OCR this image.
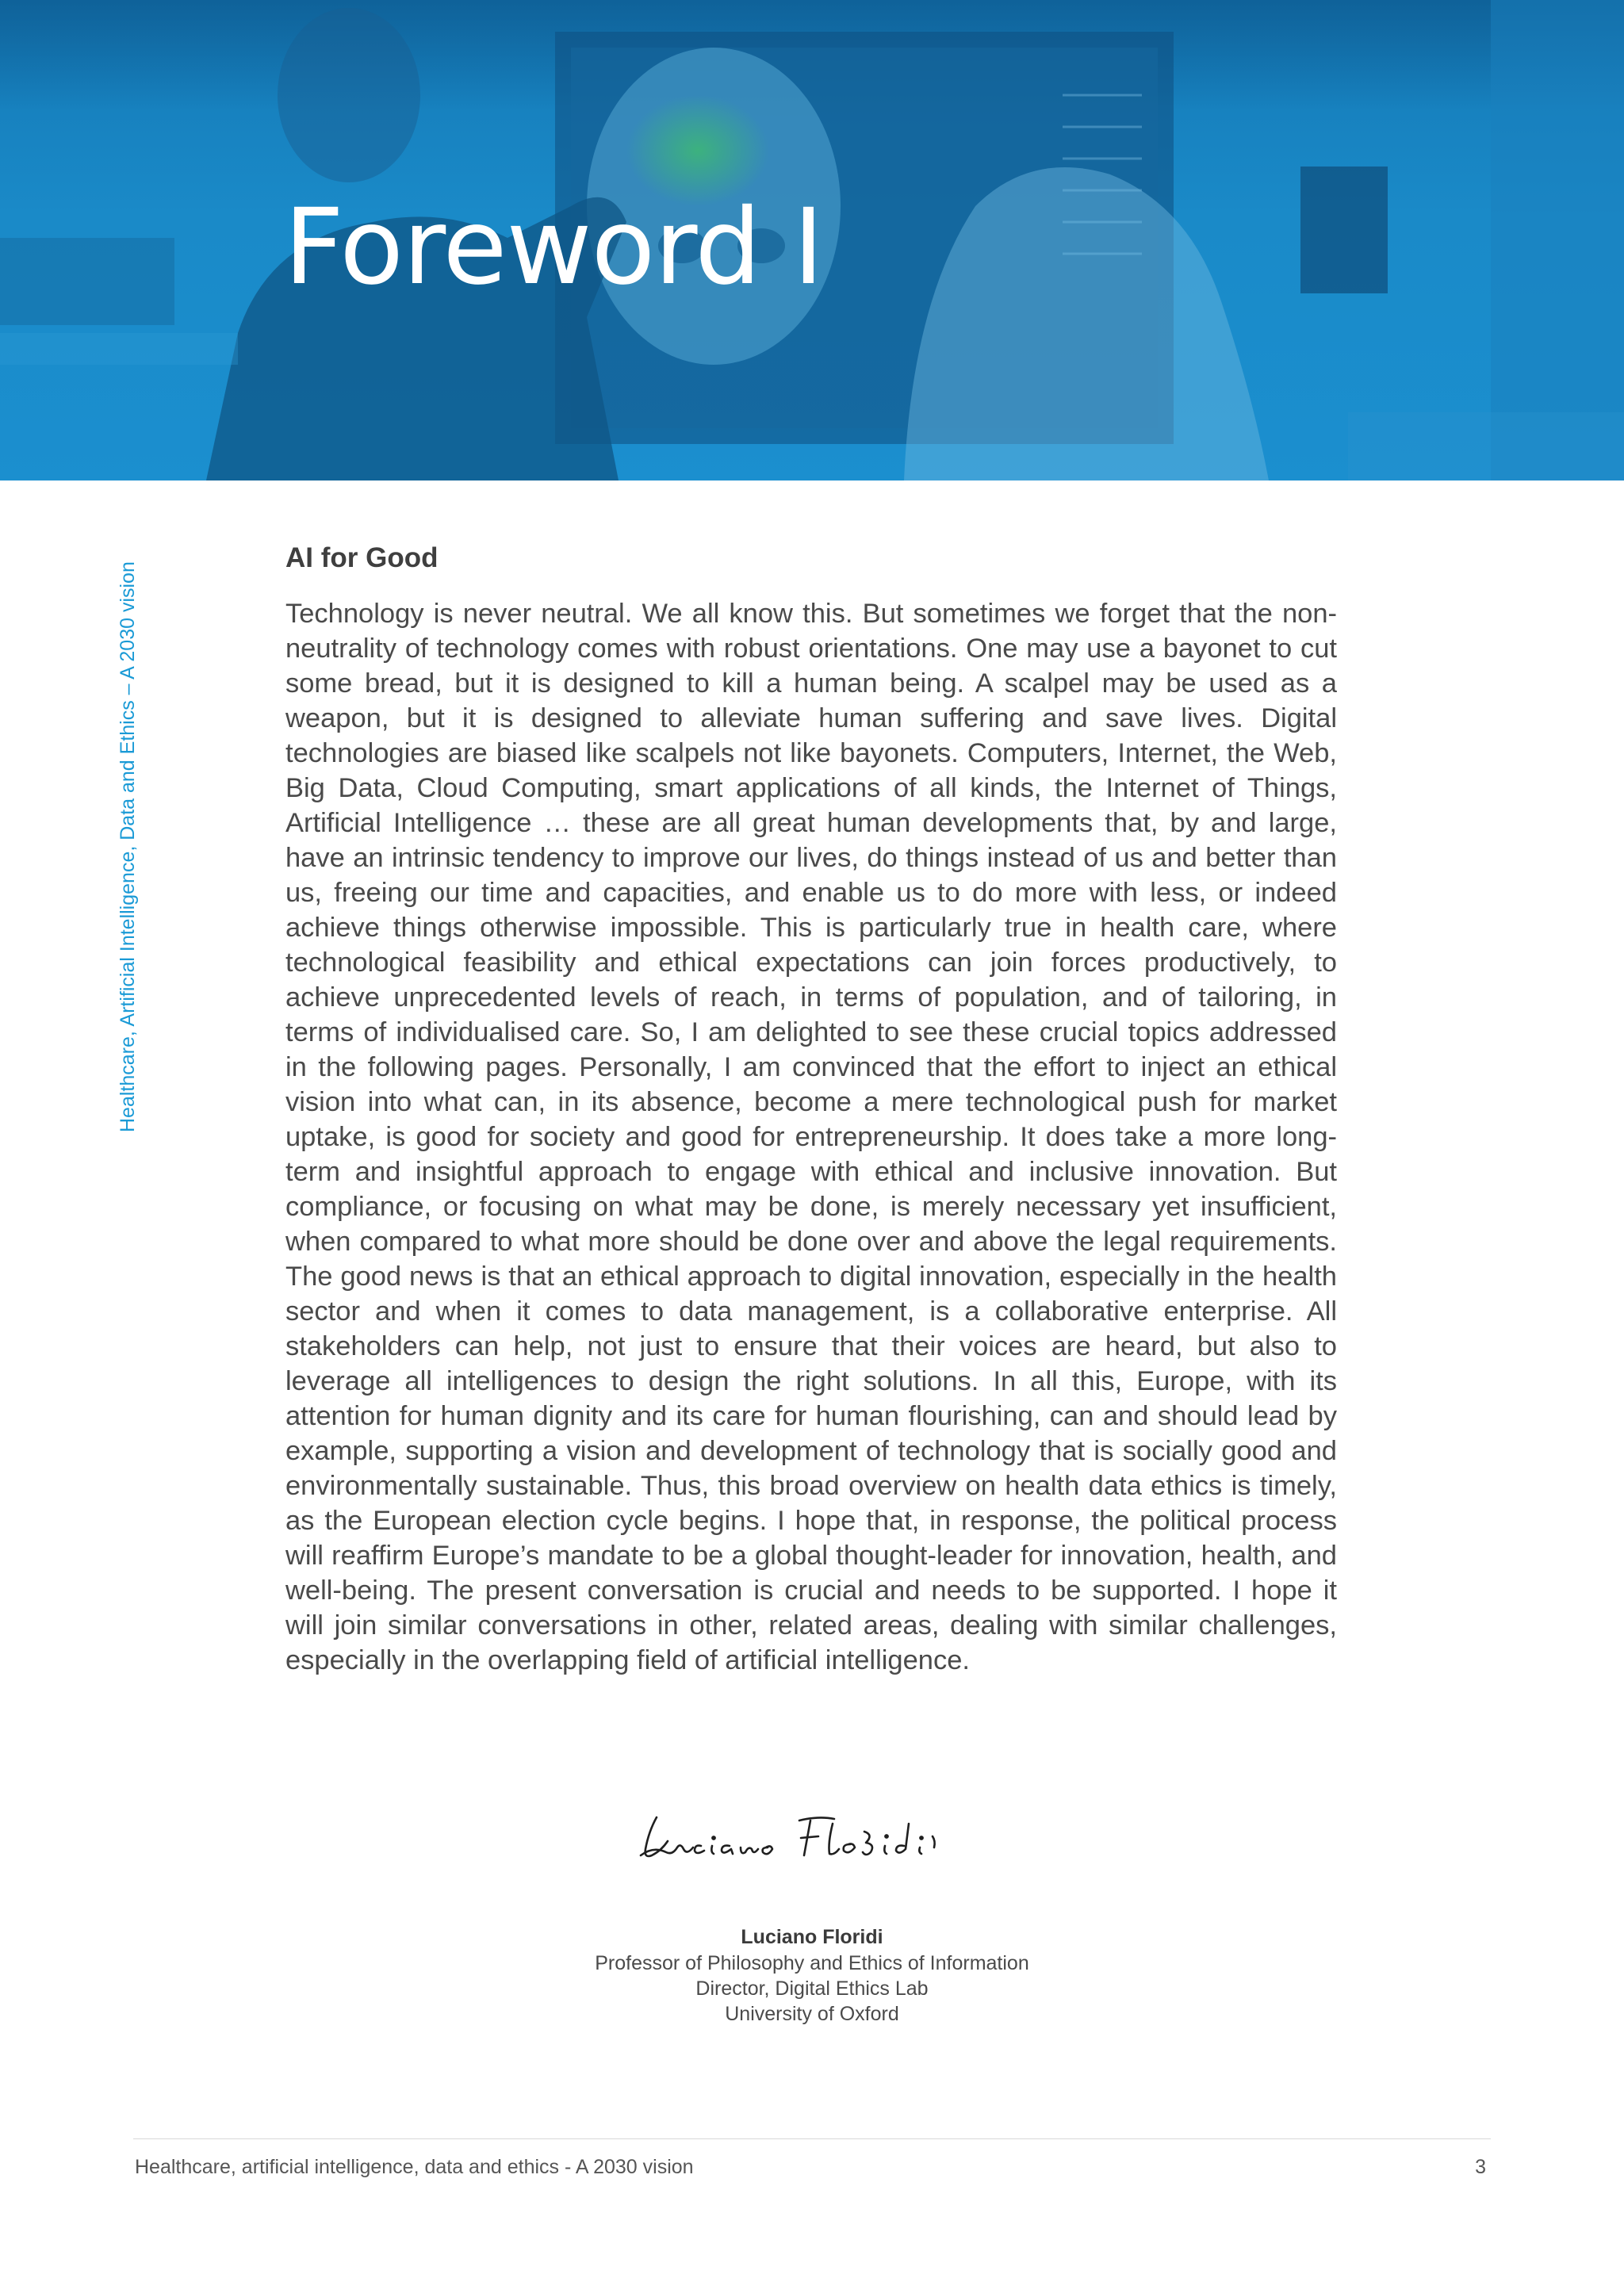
Foreword I

Healthcare, Artificial Intelligence, Data and Ethics – A 2030 vision

AI for Good

Technology is never neutral. We all know this. But sometimes we forget that the non-neutrality of technology comes with robust orientations. One may use a bayonet to cut some bread, but it is designed to kill a human being. A scalpel may be used as a weapon, but it is designed to alleviate human suffering and save lives. Digital technologies are biased like scalpels not like bayonets. Computers, Internet, the Web, Big Data, Cloud Computing, smart applications of all kinds, the Internet of Things, Artificial Intelligence … these are all great human developments that, by and large, have an intrinsic tendency to improve our lives, do things instead of us and better than us, freeing our time and capacities, and enable us to do more with less, or indeed achieve things otherwise impossible. This is particularly true in health care, where technological feasibility and ethical expectations can join forces productively, to achieve unprecedented levels of reach, in terms of population, and of tailoring, in terms of individualised care. So, I am delighted to see these crucial topics addressed in the following pages. Personally, I am convinced that the effort to inject an ethical vision into what can, in its absence, become a mere technological push for market uptake, is good for society and good for entrepreneurship. It does take a more long-term and insightful approach to engage with ethical and inclusive innovation. But compliance, or focusing on what may be done, is merely necessary yet insufficient, when compared to what more should be done over and above the legal requirements. The good news is that an ethical approach to digital innovation, especially in the health sector and when it comes to data management, is a collaborative enterprise. All stakeholders can help, not just to ensure that their voices are heard, but also to leverage all intelligences to design the right solutions. In all this, Europe, with its attention for human dignity and its care for human flourishing, can and should lead by example, supporting a vision and development of technology that is socially good and environmentally sustainable. Thus, this broad overview on health data ethics is timely, as the European election cycle begins. I hope that, in response, the political process will reaffirm Europe’s mandate to be a global thought-leader for innovation, health, and well-being. The present conversation is crucial and needs to be supported. I hope it will join similar conversations in other, related areas, dealing with similar challenges, especially in the overlapping field of artificial intelligence.

Luciano Floridi

Professor of Philosophy and Ethics of Information

Director, Digital Ethics Lab

University of Oxford

Healthcare, artificial intelligence, data and ethics - A 2030 vision	3
